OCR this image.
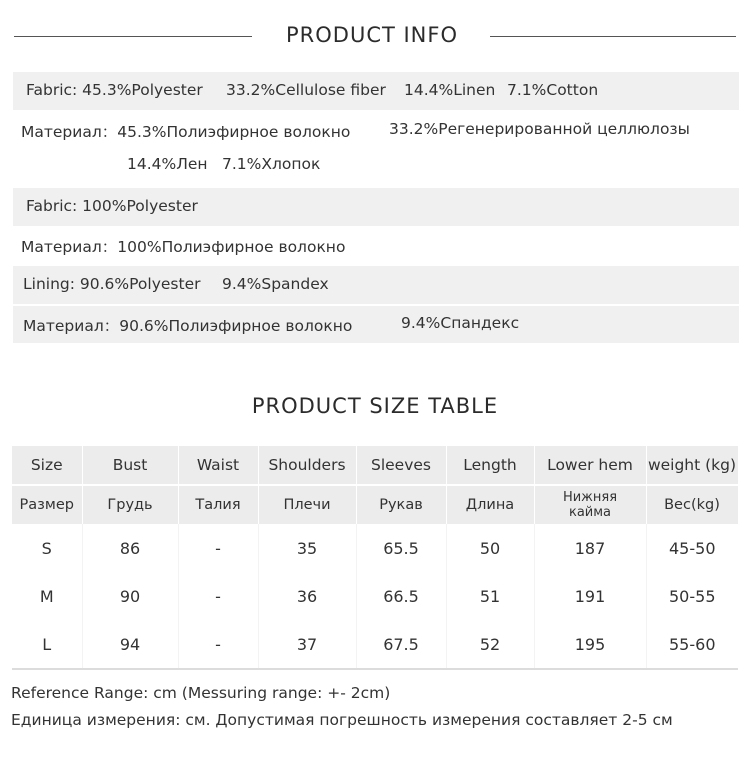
PRODUCT INFO
Fabric: 45.3%Polyester 33.2%Cellulose fiber 14.4%Linen 7.1%Cotton
Материал：45.3%Полиэфирное волокно 33.2%Регенерированной целлюлозы
14.4%Лен 7.1%Хлопок
Fabric: 100%Polyester
Материал：100%Полиэфирное волокно
Lining: 90.6%Polyester 9.4%Spandex
Материал：90.6%Полиэфирное волокно	9.4%Спандекс
PRODUCT SIZE TABLE
Size	Bust	Waist	Shoulders	Sleeves	Length	Lower hem	weight (kg)

Размер	Грудь	Талия	Плечи	Рукав	Длина	Нижняя кайма	Вес(kg)
S	86	-	35	65.5	50	187	45-50
M	90	-	36	66.5	51	191	50-55
L	94	-	37	67.5	52	195	55-60

Reference Range: cm (Messuring range: +- 2cm)
Единица измерения: см. Допустимая погрешность измерения составляет 2-5 см
